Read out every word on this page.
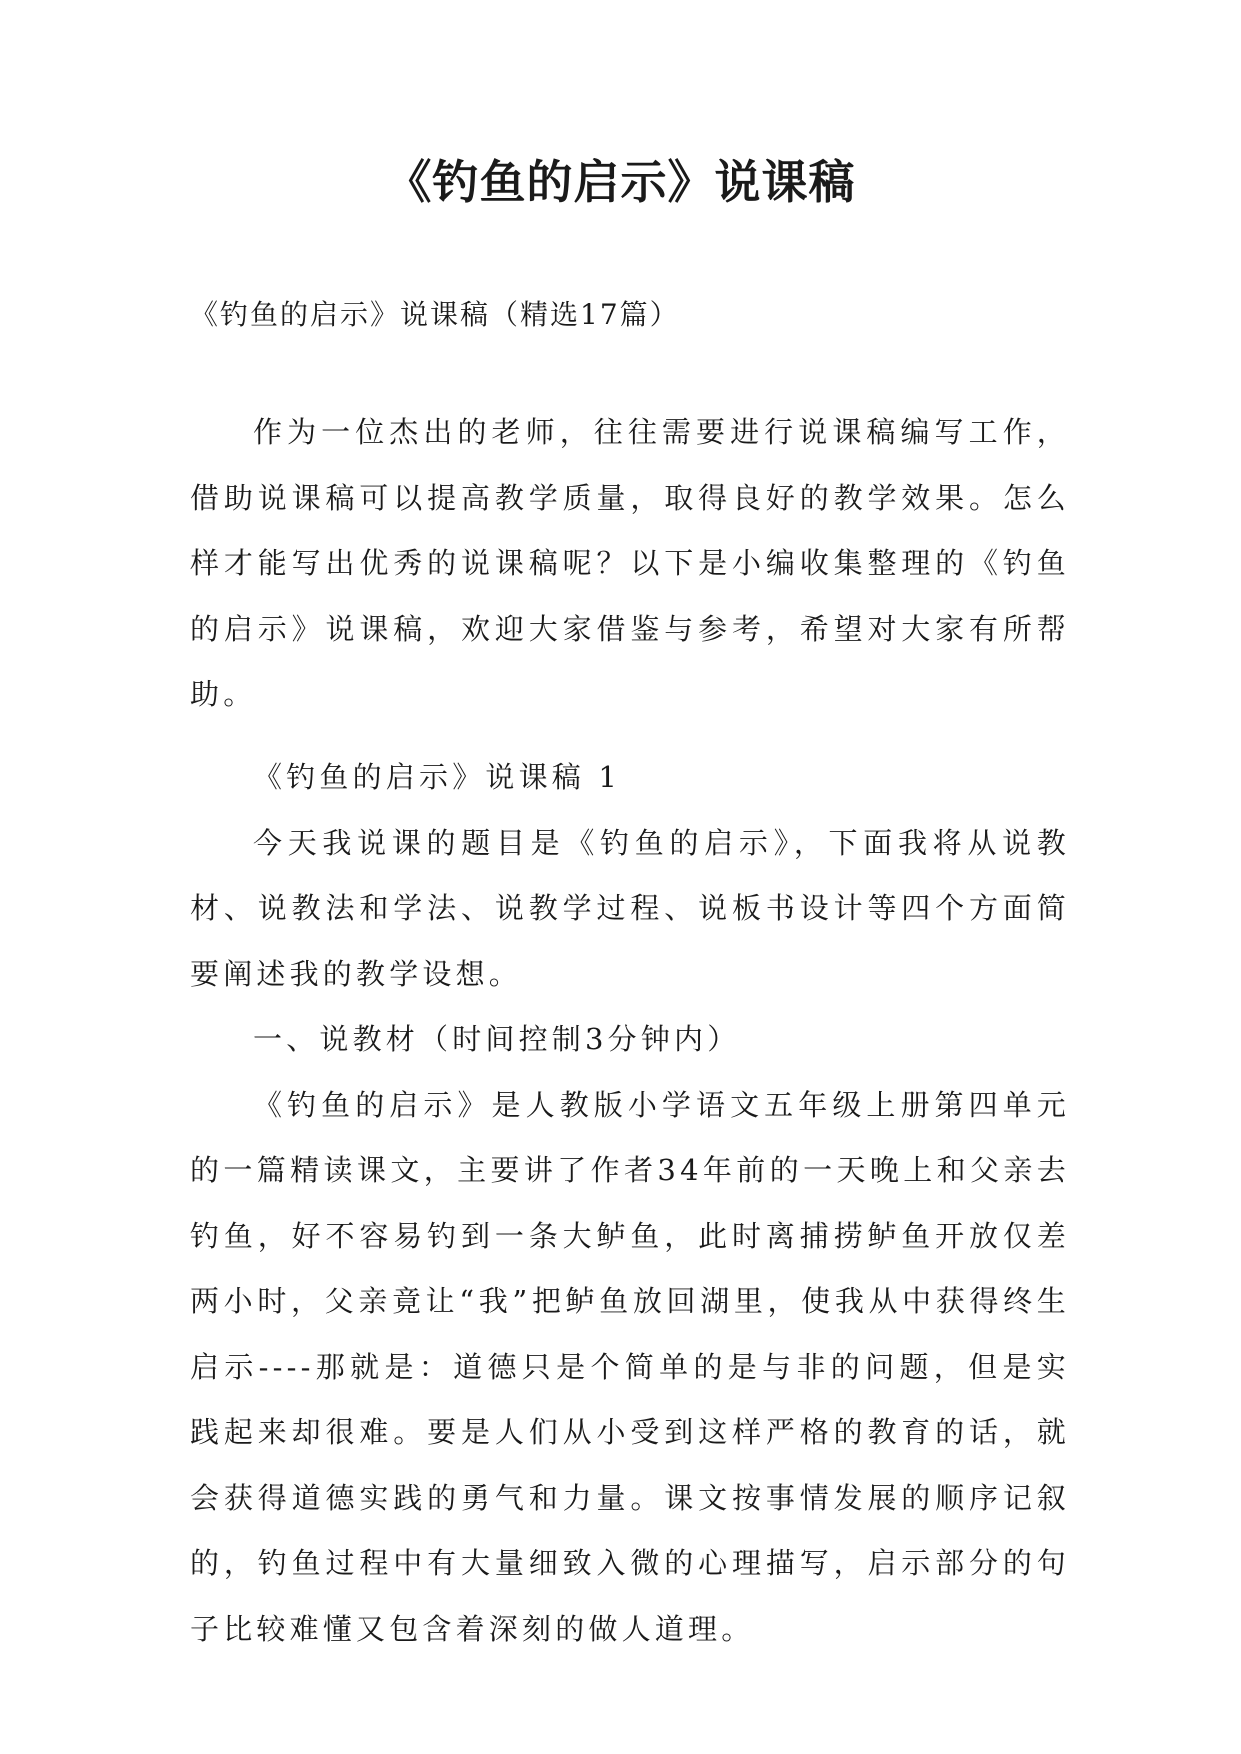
《钓鱼的启示》说课稿

《钓鱼的启示》说课稿（精选17篇）

作为一位杰出的老师，往往需要进行说课稿编写工作，借助说课稿可以提高教学质量，取得良好的教学效果。怎么样才能写出优秀的说课稿呢？以下是小编收集整理的《钓鱼的启示》说课稿，欢迎大家借鉴与参考，希望对大家有所帮助。

《钓鱼的启示》说课稿 1

今天我说课的题目是《钓鱼的启示》，下面我将从说教材、说教法和学法、说教学过程、说板书设计等四个方面简要阐述我的教学设想。

一、说教材（时间控制3分钟内）

《钓鱼的启示》是人教版小学语文五年级上册第四单元的一篇精读课文，主要讲了作者34年前的一天晚上和父亲去钓鱼，好不容易钓到一条大鲈鱼，此时离捕捞鲈鱼开放仅差两小时，父亲竟让“我”把鲈鱼放回湖里，使我从中获得终生启示----那就是：道德只是个简单的是与非的问题，但是实践起来却很难。要是人们从小受到这样严格的教育的话，就会获得道德实践的勇气和力量。课文按事情发展的顺序记叙的，钓鱼过程中有大量细致入微的心理描写，启示部分的句子比较难懂又包含着深刻的做人道理。
